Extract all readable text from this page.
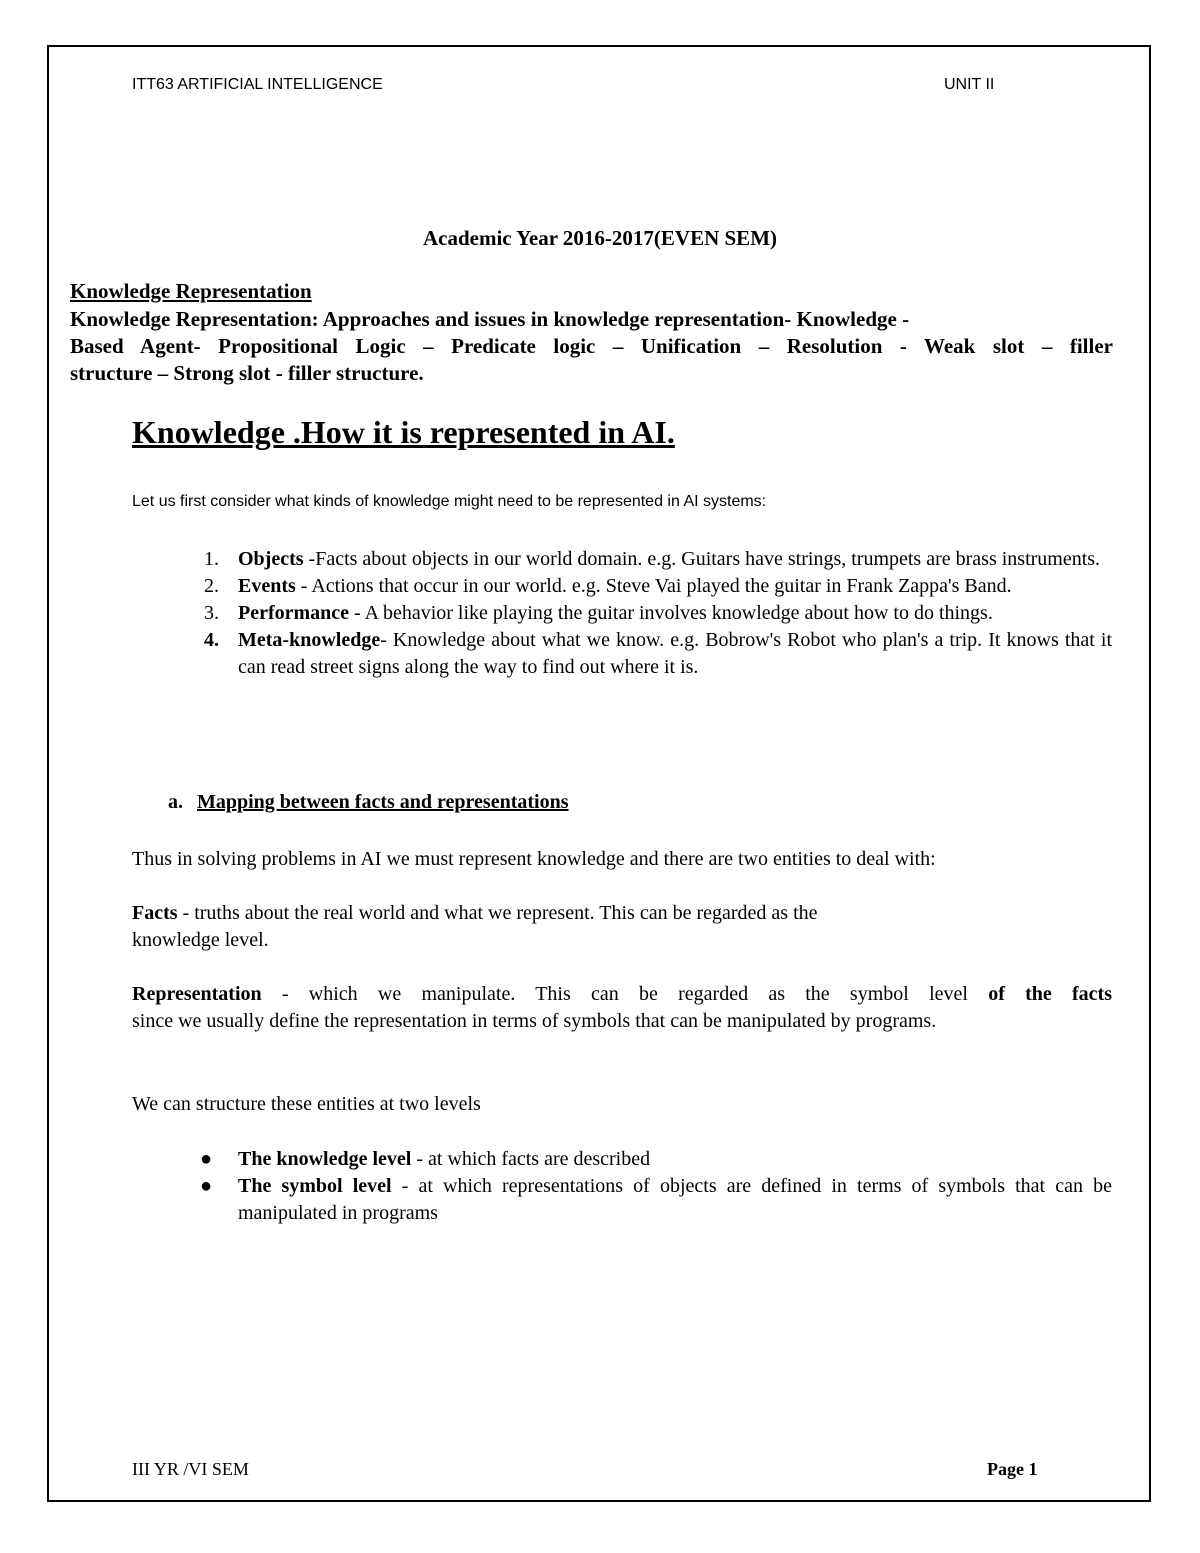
ITT63 ARTIFICIAL INTELLIGENCE	UNIT II
Academic Year 2016-2017(EVEN SEM)
Knowledge Representation
Knowledge Representation: Approaches and issues in knowledge representation- Knowledge -
Based Agent- Propositional Logic – Predicate logic – Unification – Resolution - Weak slot – filler
structure – Strong slot - filler structure.
Knowledge .How it is represented in AI.
Let us first consider what kinds of knowledge might need to be represented in AI systems:
1. Objects -Facts about objects in our world domain. e.g. Guitars have strings, trumpets are brass instruments.
2. Events - Actions that occur in our world. e.g. Steve Vai played the guitar in Frank Zappa's Band.
3. Performance - A behavior like playing the guitar involves knowledge about how to do things.
4. Meta-knowledge- Knowledge about what we know. e.g. Bobrow's Robot who plan's a trip. It knows that it can read street signs along the way to find out where it is.
a. Mapping between facts and representations
Thus in solving problems in AI we must represent knowledge and there are two entities to deal with:
Facts - truths about the real world and what we represent. This can be regarded as the
knowledge level.
Representation - which we manipulate. This can be regarded as the symbol level of the facts
since we usually define the representation in terms of symbols that can be manipulated by programs.
We can structure these entities at two levels
● The knowledge level - at which facts are described
● The symbol level - at which representations of objects are defined in terms of symbols that can be manipulated in programs
III YR /VI SEM	Page 1
